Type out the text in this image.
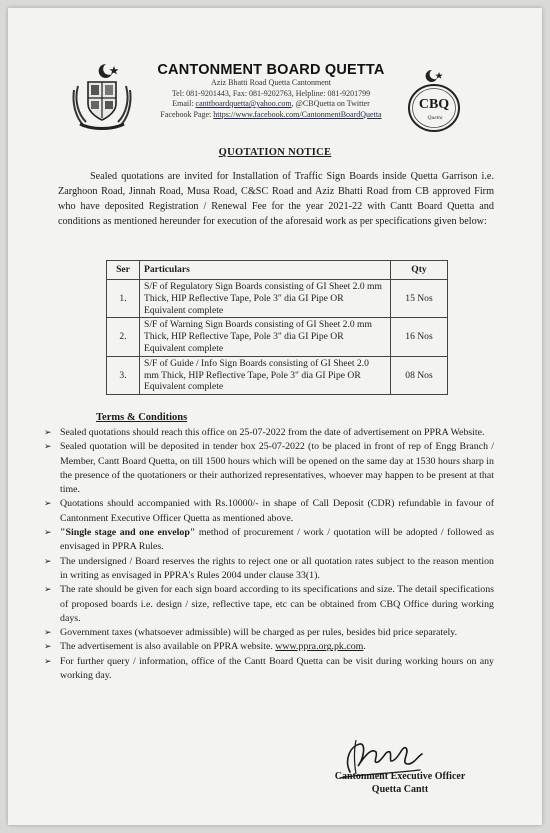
CANTONMENT BOARD QUETTA
Aziz Bhatti Road Quetta Cantonment
Tel: 081-9201443, Fax: 081-9202763, Helpline: 081-9201799
Email: canttboardquetta@yahoo.com, @CBQuetta on Twitter
Facebook Page: https://www.facebook.com/CantonmentBoardQuetta
CBQ
Quetta
QUOTATION NOTICE
Sealed quotations are invited for Installation of Traffic Sign Boards inside Quetta Garrison i.e. Zarghoon Road, Jinnah Road, Musa Road, C&SC Road and Aziz Bhatti Road from CB approved Firm who have deposited Registration / Renewal Fee for the year 2021-22 with Cantt Board Quetta and conditions as mentioned hereunder for execution of the aforesaid work as per specifications given below:
Ser	Particulars	Qty
1.	S/F of Regulatory Sign Boards consisting of GI Sheet 2.0 mm Thick, HIP Reflective Tape, Pole 3" dia GI Pipe OR Equivalent complete	15 Nos
2.	S/F of Warning Sign Boards consisting of GI Sheet 2.0 mm Thick, HIP Reflective Tape, Pole 3" dia GI Pipe OR Equivalent complete	16 Nos
3.	S/F of Guide / Info Sign Boards consisting of GI Sheet 2.0 mm Thick, HIP Reflective Tape, Pole 3" dia GI Pipe OR Equivalent complete	08 Nos
Terms & Conditions
➢ Sealed quotations should reach this office on 25-07-2022 from the date of advertisement on PPRA Website.
➢ Sealed quotation will be deposited in tender box 25-07-2022 (to be placed in front of rep of Engg Branch / Member, Cantt Board Quetta, on till 1500 hours which will be opened on the same day at 1530 hours sharp in the presence of the quotationers or their authorized representatives, whoever may happen to be present at that time.
➢ Quotations should accompanied with Rs.10000/- in shape of Call Deposit (CDR) refundable in favour of Cantonment Executive Officer Quetta as mentioned above.
➢ "Single stage and one envelop" method of procurement / work / quotation will be adopted / followed as envisaged in PPRA Rules.
➢ The undersigned / Board reserves the rights to reject one or all quotation rates subject to the reason mention in writing as envisaged in PPRA's Rules 2004 under clause 33(1).
➢ The rate should be given for each sign board according to its specifications and size. The detail specifications of proposed boards i.e. design / size, reflective tape, etc can be obtained from CBQ Office during working days.
➢ Government taxes (whatsoever admissible) will be charged as per rules, besides bid price separately.
➢ The advertisement is also available on PPRA website. www.ppra.org.pk.com.
➢ For further query / information, office of the Cantt Board Quetta can be visit during working hours on any working day.
Cantonment Executive Officer
Quetta Cantt
